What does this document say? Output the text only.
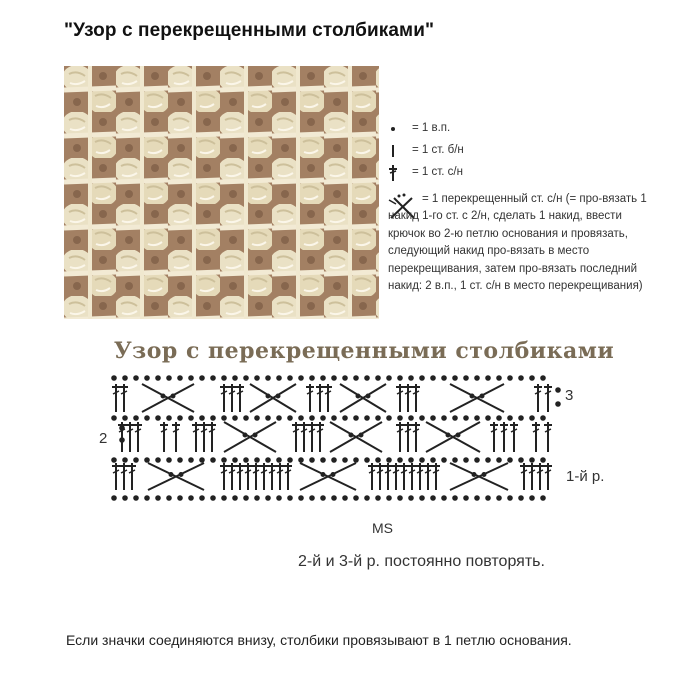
"Узор с перекрещенными столбиками"
= 1 в.п.
= 1 ст. б/н
= 1 ст. с/н
= 1 перекрещенный ст. с/н (= про-вязать 1 накид 1-го ст. с 2/н, сделать 1 накид, ввести крючок во 2-ю петлю основания и провязать, следующий накид про-вязать в место перекрещивания, затем про-вязать последний накид: 2 в.п., 1 ст. с/н в место перекрещивания)
Узор с перекрещенными столбиками
3
2
1-й р.
MS
2-й и 3-й р. постоянно повторять.
Если значки соединяются внизу, столбики провязывают в 1 петлю основания.
